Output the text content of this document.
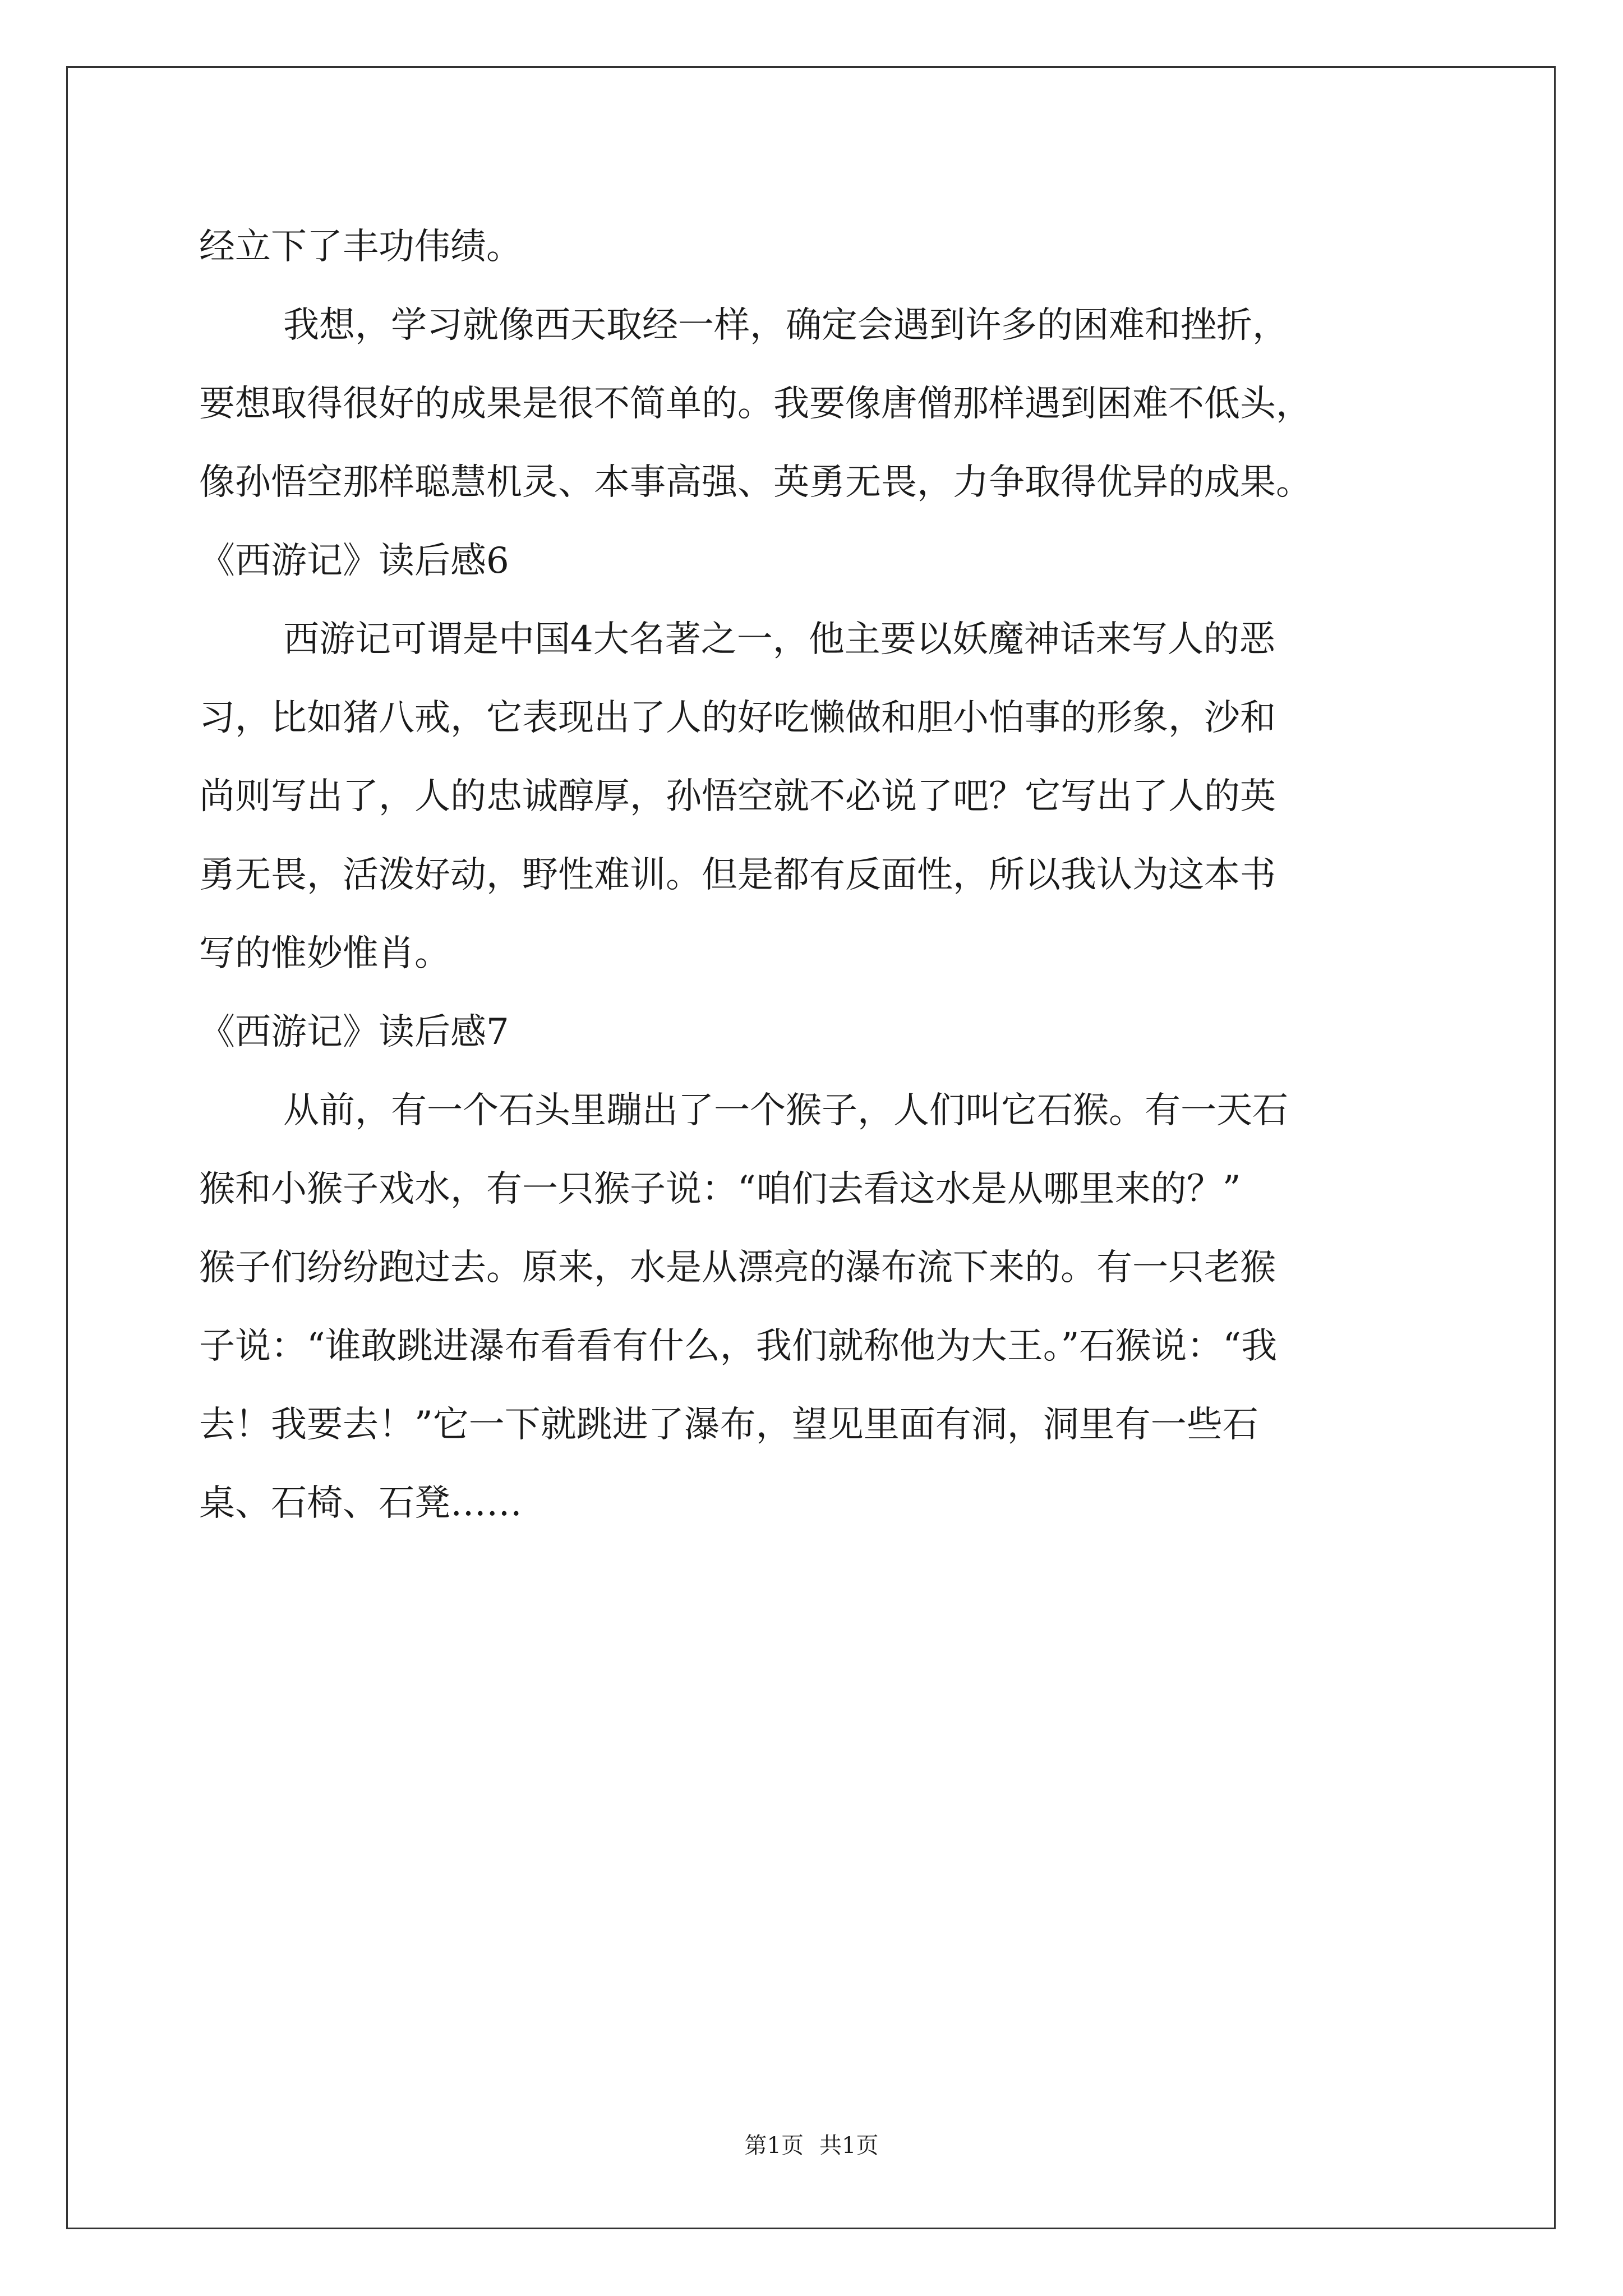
经立下了丰功伟绩。
我想，学习就像西天取经一样，确定会遇到许多的困难和挫折，
要想取得很好的成果是很不简单的。我要像唐僧那样遇到困难不低头，
像孙悟空那样聪慧机灵、本事高强、英勇无畏，力争取得优异的成果。
《西游记》读后感6
西游记可谓是中国4大名著之一，他主要以妖魔神话来写人的恶
习，比如猪八戒，它表现出了人的好吃懒做和胆小怕事的形象，沙和
尚则写出了，人的忠诚醇厚，孙悟空就不必说了吧？它写出了人的英
勇无畏，活泼好动，野性难训。但是都有反面性，所以我认为这本书
写的惟妙惟肖。
《西游记》读后感7
从前，有一个石头里蹦出了一个猴子，人们叫它石猴。有一天石
猴和小猴子戏水，有一只猴子说：“咱们去看这水是从哪里来的？”
猴子们纷纷跑过去。原来，水是从漂亮的瀑布流下来的。有一只老猴
子说：“谁敢跳进瀑布看看有什么，我们就称他为大王。”石猴说：“我
去！我要去！”它一下就跳进了瀑布，望见里面有洞，洞里有一些石
桌、石椅、石凳……
第1页 共1页
